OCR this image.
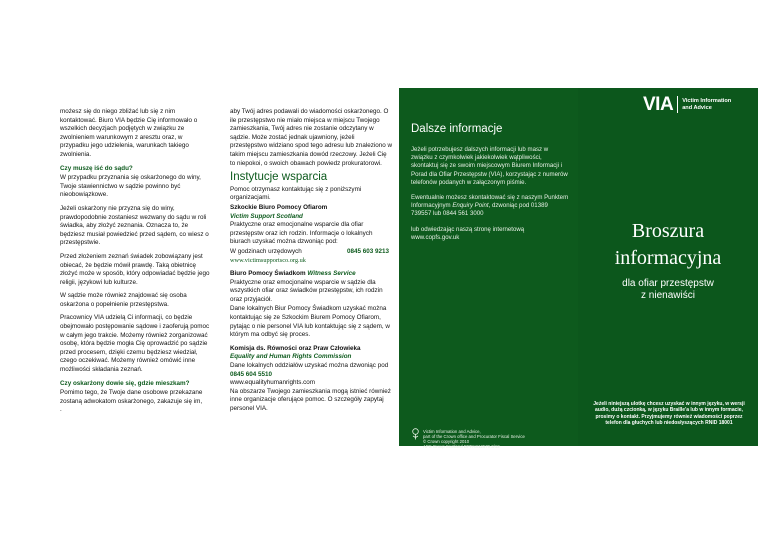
możesz się do niego zbliżać lub się z nim kontaktować. Biuro VIA będzie Cię informowało o wszelkich decyzjach podjętych w związku ze zwolnieniem warunkowym z aresztu oraz, w przypadku jego udzielenia, warunkach takiego zwolnienia.

Czy muszę iść do sądu?

W przypadku przyznania się oskarżonego do winy, Twoje stawiennictwo w sądzie powinno być nieobowiązkowe.

Jeżeli oskarżony nie przyzna się do winy, prawdopodobnie zostaniesz wezwany do sądu w roli świadka, aby złożyć zeznania. Oznacza to, że będziesz musiał powiedzieć przed sądem, co wiesz o przestępstwie.

Przed złożeniem zeznań świadek zobowiązany jest obiecać, że będzie mówił prawdę. Taką obietnicę złożyć może w sposób, który odpowiadać będzie jego religii, językowi lub kulturze.

W sądzie może również znajdować się osoba oskarżona o popełnienie przestępstwa.

Pracownicy VIA udzielą Ci informacji, co będzie obejmowało postępowanie sądowe i zaoferują pomoc w całym jego trakcie. Możemy również zorganizować osobę, która będzie mogła Cię oprowadzić po sądzie przed procesem, dzięki czemu będziesz wiedział, czego oczekiwać. Możemy również omówić inne możliwości składania zeznań.

Czy oskarżony dowie się, gdzie mieszkam?

Pomimo tego, że Twoje dane osobowe przekazane zostaną adwokatom oskarżonego, zakazuje się im,

.

aby Twój adres podawali do wiadomości oskarżonego. O ile przestępstwo nie miało miejsca w miejscu Twojego zamieszkania, Twój adres nie zostanie odczytany w sądzie. Może zostać jednak ujawniony, jeżeli przestępstwo widziano spod tego adresu lub znaleziono w takim miejscu zamieszkania dowód rzeczowy. Jeżeli Cię to niepokoi, o swoich obawach powiedz prokuratorowi.

Instytucje wsparcia

Pomoc otrzymasz kontaktując się z poniższymi organizacjami.

Szkockie Biuro Pomocy Ofiarom

Victim Support Scotland

Praktyczne oraz emocjonalne wsparcie dla ofiar przestępstw oraz ich rodzin. Informacje o lokalnych biurach uzyskać można dzwoniąc pod:

W godzinach urzędowych	0845 603 9213

www.victimsupportsco.org.uk

Biuro Pomocy Świadkom Witness Service

Praktyczne oraz emocjonalne wsparcie w sądzie dla wszystkich ofiar oraz świadków przestępstw, ich rodzin oraz przyjaciół.

Dane lokalnych Biur Pomocy Świadkom uzyskać można kontaktując się ze Szkockim Biurem Pomocy Ofiarom, pytając o nie personel VIA lub kontaktując się z sądem, w którym ma odbyć się proces.

Komisja ds. Równości oraz Praw Człowieka

Equality and Human Rights Commission

Dane lokalnych oddziałów uzyskać można dzwoniąc pod

0845 604 5510

www.equalityhumanrights.com

Na obszarze Twojego zamieszkania mogą istnieć również inne organizacje oferujące pomoc. O szczegóły zapytaj personel VIA.

Dalsze informacje

Jeżeli potrzebujesz dalszych informacji lub masz w związku z czymkolwiek jakiekolwiek wątpliwości, skontaktuj się ze swoim miejscowym Biurem Informacji i Porad dla Ofiar Przestępstw (VIA), korzystając z numerów telefonów podanych w załączonym piśmie.

Ewentualnie możesz skontaktować się z naszym Punktem Informacyjnym Enquiry Point, dzwoniąc pod 01389 739557 lub 0844 561 3000

lub odwiedzając naszą stronę internetową www.copfs.gov.uk

Victim Information and Advice,
part of the Crown office and Procurator Fiscal Service
© Crown copyright 2010
APS Group Scotland DPPAS12579 3/12
VIA Victim Information
and Advice
Broszura
informacyjna
dla ofiar przestępstw
z nienawiści
Jeżeli niniejszą ulotkę chcesz uzyskać w innym języku, w wersji audio, dużą czcionką, w języku Braille'a lub w innym formacie, prosimy o kontakt. Przyjmujemy również wiadomości poprzez telefon dla głuchych lub niedosłyszących RNID 18001
